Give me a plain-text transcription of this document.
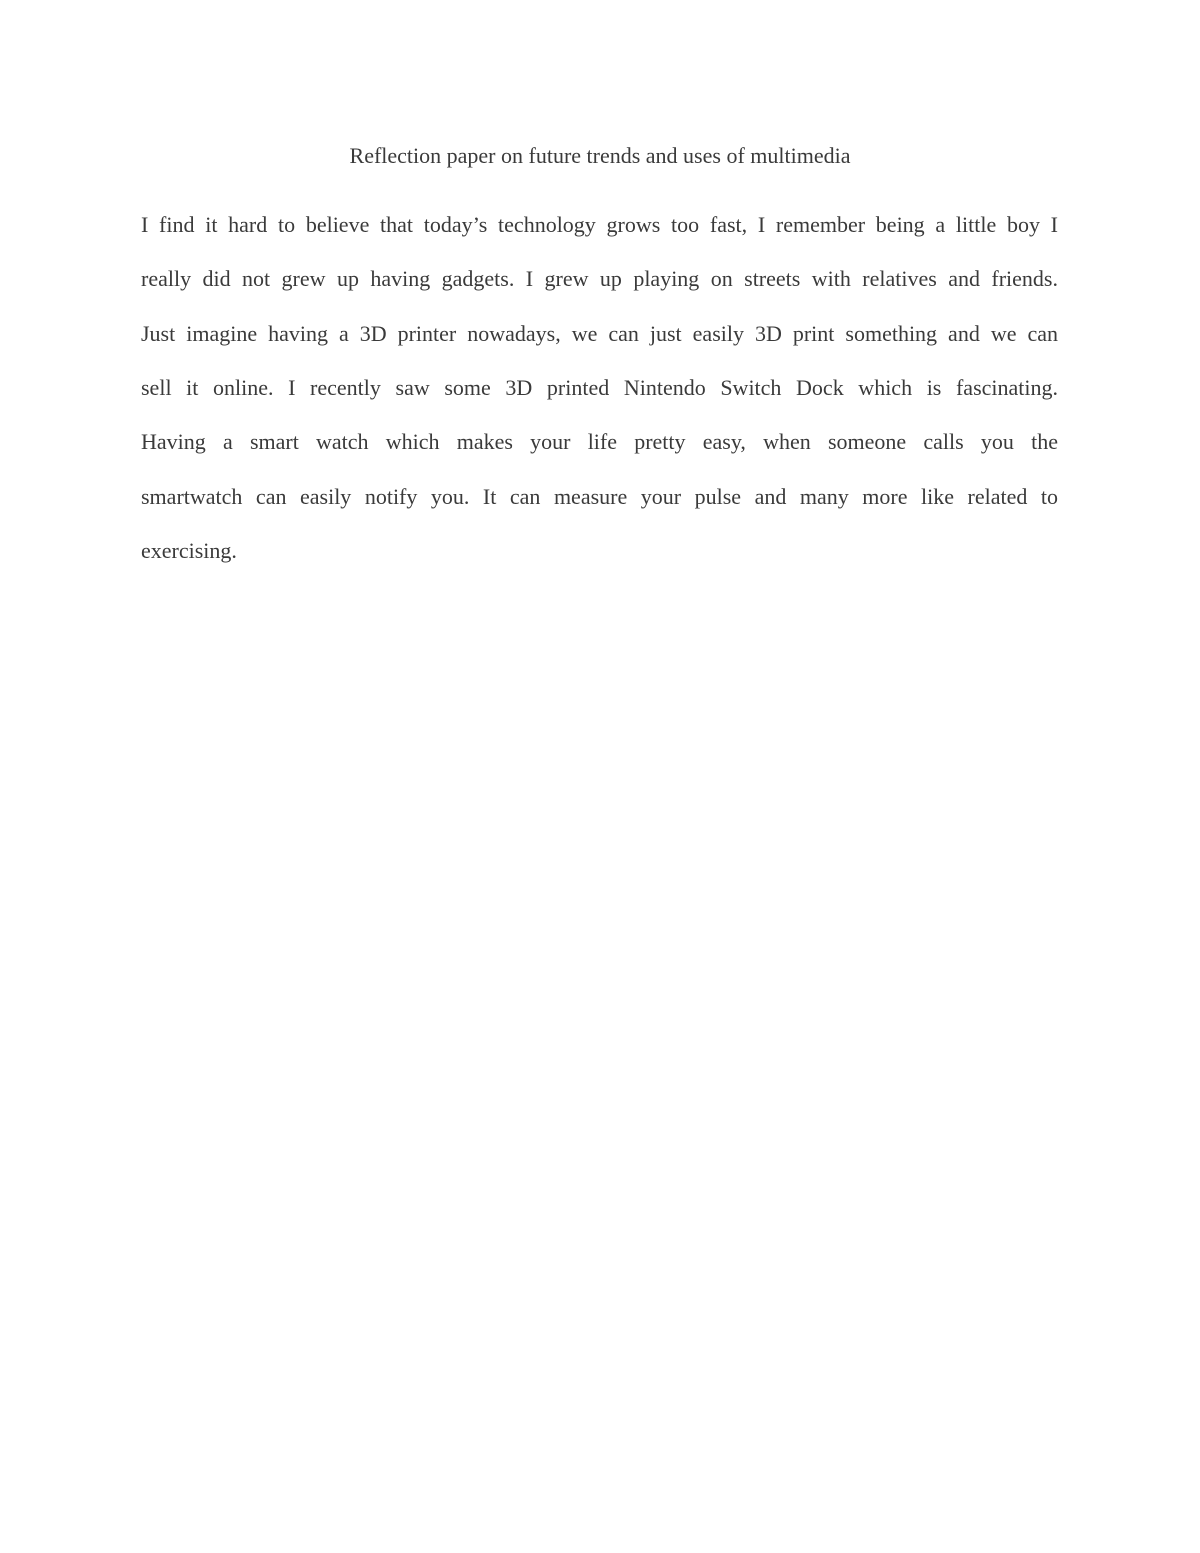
Reflection paper on future trends and uses of multimedia

I find it hard to believe that today’s technology grows too fast, I remember being a little boy I

really did not grew up having gadgets. I grew up playing on streets with relatives and friends.

Just imagine having a 3D printer nowadays, we can just easily 3D print something and we can

sell it online. I recently saw some 3D printed Nintendo Switch Dock which is fascinating.

Having a smart watch which makes your life pretty easy, when someone calls you the

smartwatch can easily notify you. It can measure your pulse and many more like related to

exercising.
